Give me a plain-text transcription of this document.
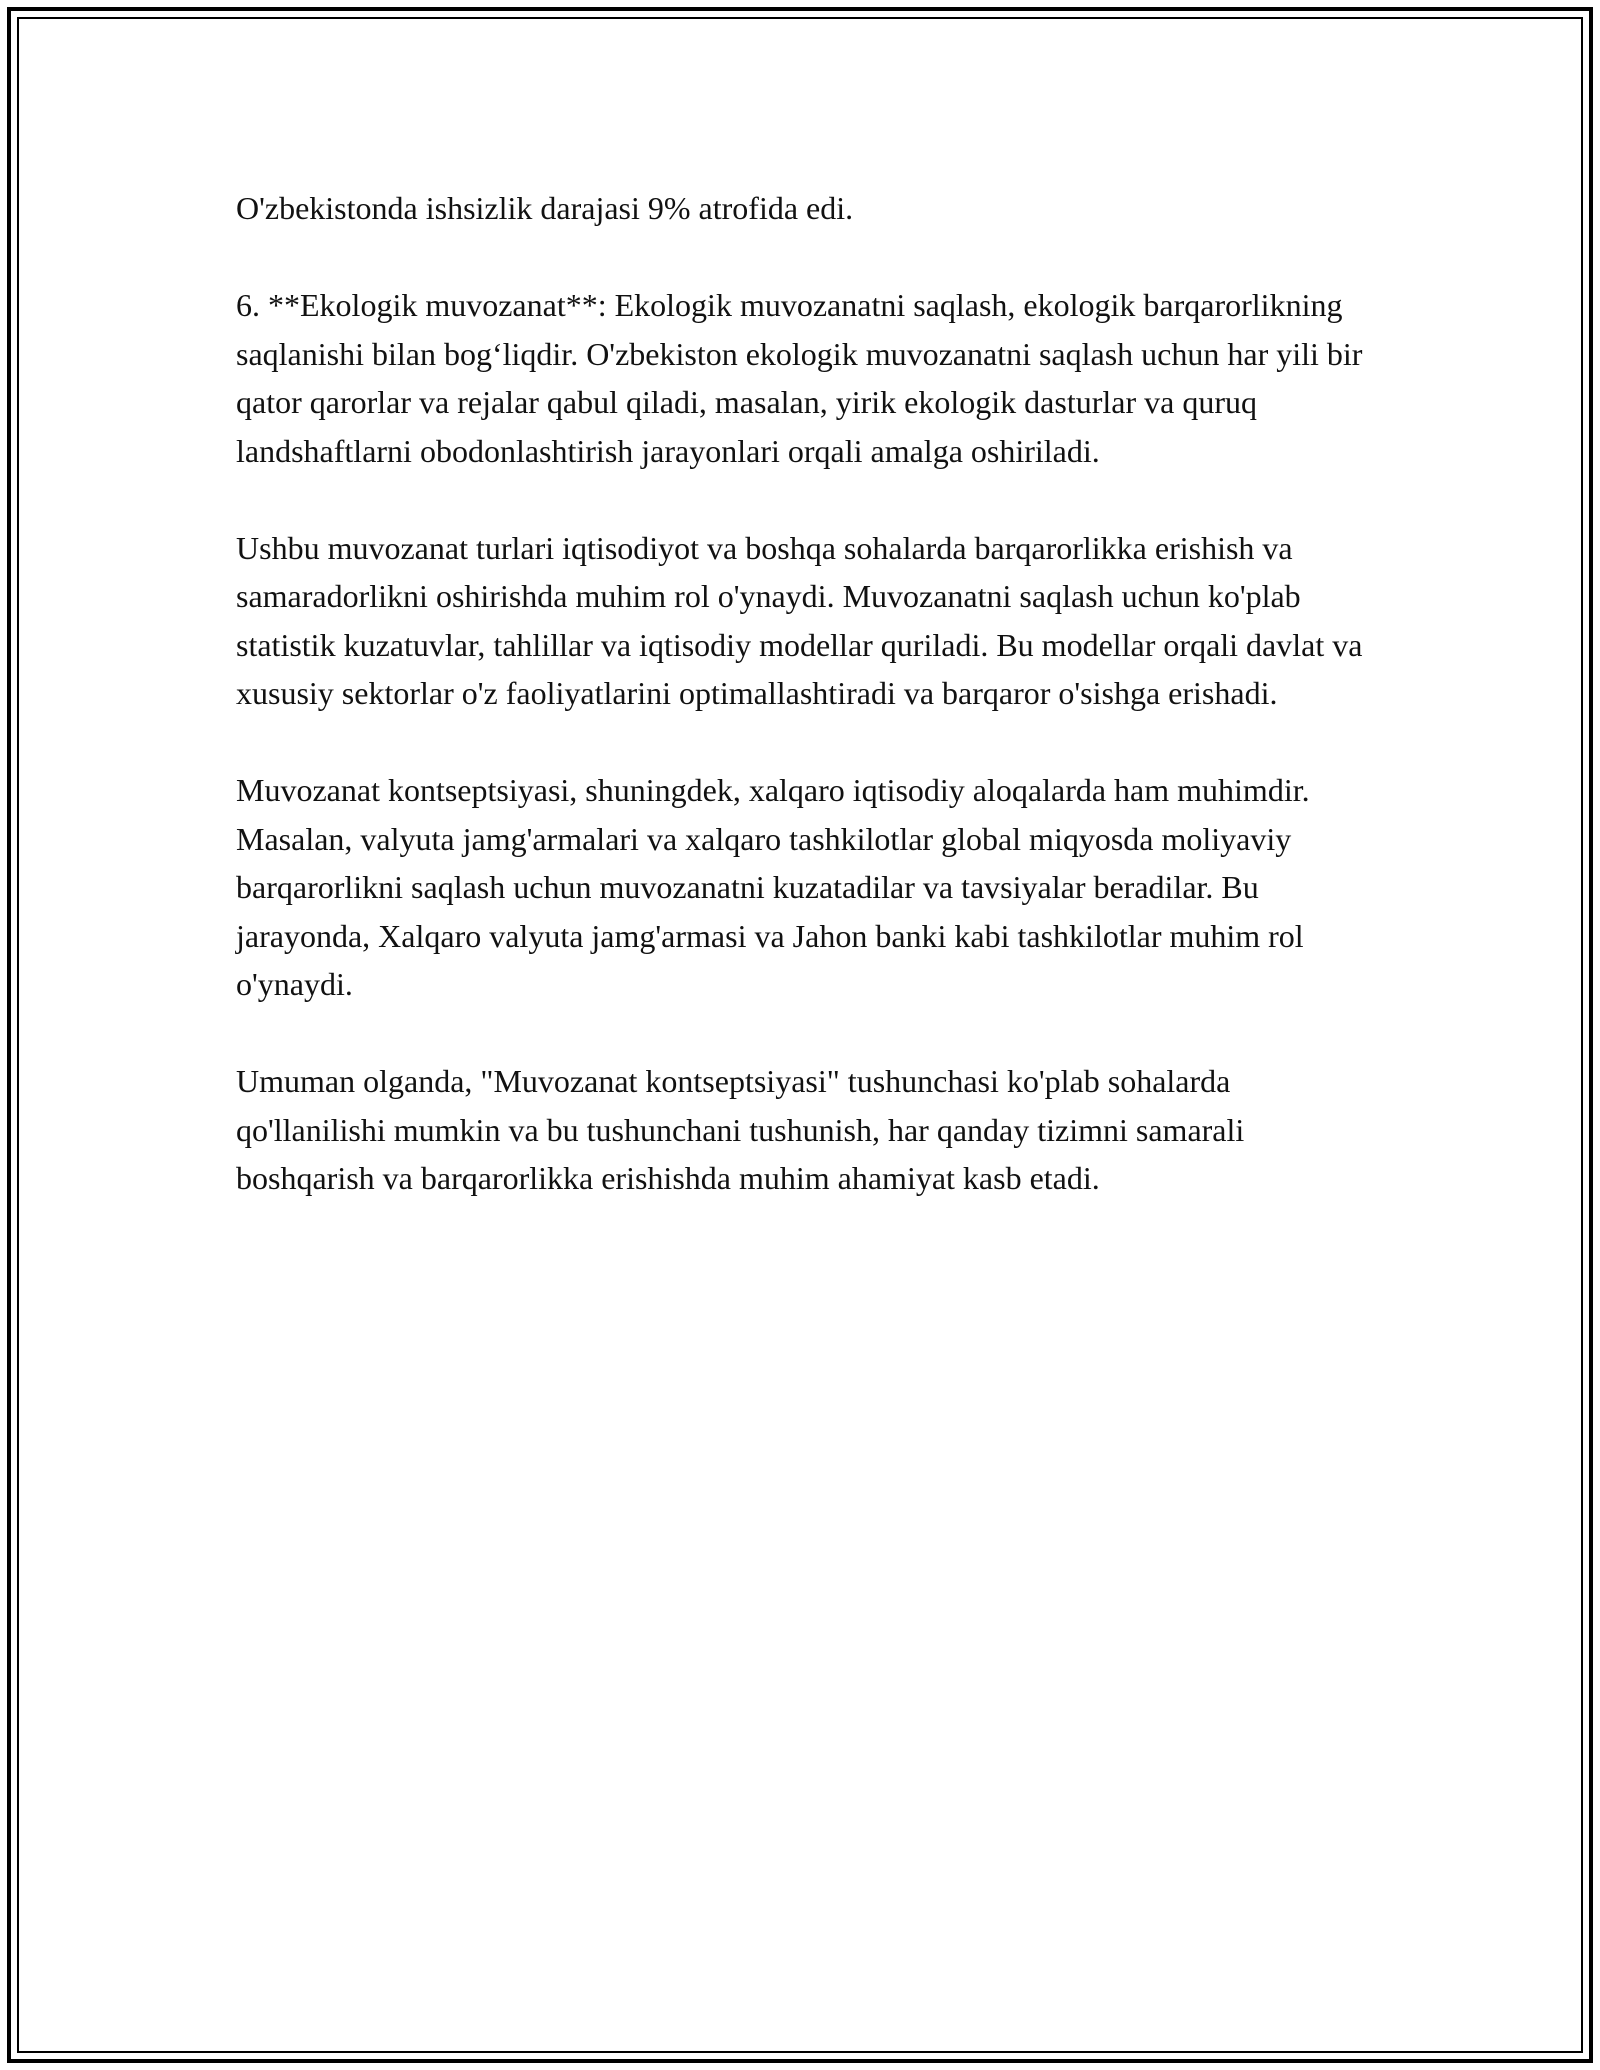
O'zbekistonda ishsizlik darajasi 9% atrofida edi.

6. **Ekologik muvozanat**: Ekologik muvozanatni saqlash, ekologik barqarorlikning saqlanishi bilan bog‘liqdir. O'zbekiston ekologik muvozanatni saqlash uchun har yili bir qator qarorlar va rejalar qabul qiladi, masalan, yirik ekologik dasturlar va quruq landshaftlarni obodonlashtirish jarayonlari orqali amalga oshiriladi.

Ushbu muvozanat turlari iqtisodiyot va boshqa sohalarda barqarorlikka erishish va samaradorlikni oshirishda muhim rol o'ynaydi. Muvozanatni saqlash uchun ko'plab statistik kuzatuvlar, tahlillar va iqtisodiy modellar quriladi. Bu modellar orqali davlat va xususiy sektorlar o'z faoliyatlarini optimallashtiradi va barqaror o'sishga erishadi.

Muvozanat kontseptsiyasi, shuningdek, xalqaro iqtisodiy aloqalarda ham muhimdir. Masalan, valyuta jamg'armalari va xalqaro tashkilotlar global miqyosda moliyaviy barqarorlikni saqlash uchun muvozanatni kuzatadilar va tavsiyalar beradilar. Bu jarayonda, Xalqaro valyuta jamg'armasi va Jahon banki kabi tashkilotlar muhim rol o'ynaydi.

Umuman olganda, "Muvozanat kontseptsiyasi" tushunchasi ko'plab sohalarda qo'llanilishi mumkin va bu tushunchani tushunish, har qanday tizimni samarali boshqarish va barqarorlikka erishishda muhim ahamiyat kasb etadi.
